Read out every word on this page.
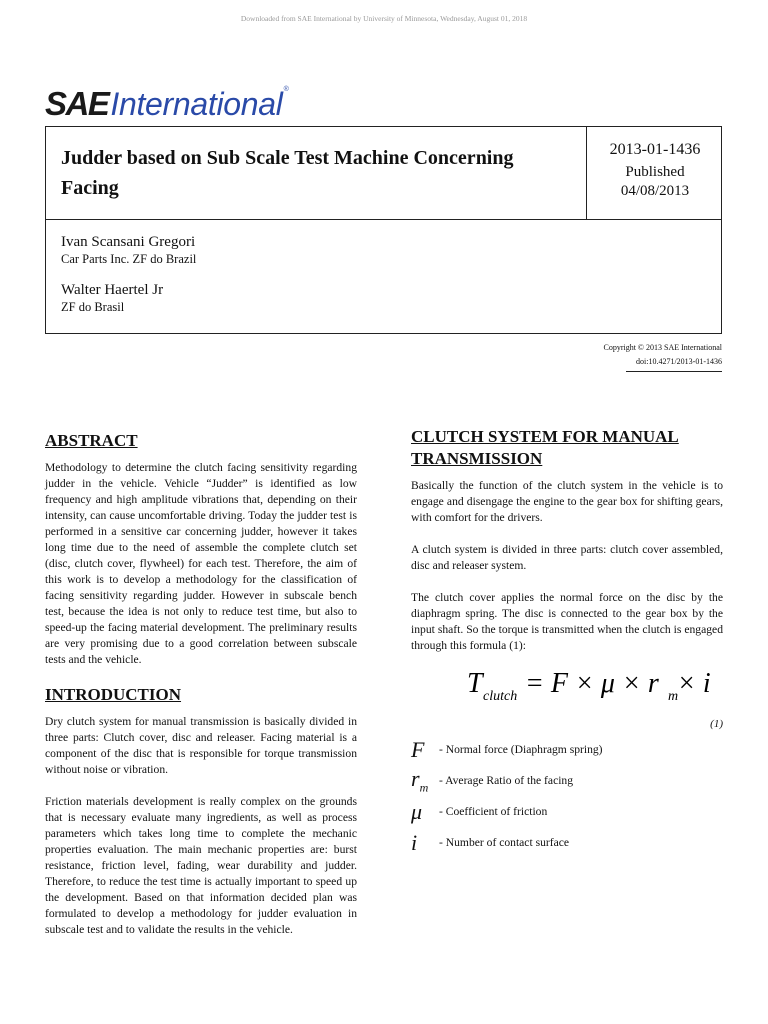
Downloaded from SAE International by University of Minnesota, Wednesday, August 01, 2018
SAE International ®
Judder based on Sub Scale Test Machine Concerning Facing
2013-01-1436
Published
04/08/2013
Ivan Scansani Gregori
Car Parts Inc. ZF do Brazil
Walter Haertel Jr
ZF do Brasil
Copyright © 2013 SAE International
doi:10.4271/2013-01-1436
ABSTRACT

Methodology to determine the clutch facing sensitivity regarding judder in the vehicle. Vehicle “Judder” is identified as low frequency and high amplitude vibrations that, depending on their intensity, can cause uncomfortable driving. Today the judder test is performed in a sensitive car concerning judder, however it takes long time due to the need of assemble the complete clutch set (disc, clutch cover, flywheel) for each test. Therefore, the aim of this work is to develop a methodology for the classification of facing sensitivity regarding judder. However in subscale bench test, because the idea is not only to reduce test time, but also to speed-up the facing material development. The preliminary results are very promising due to a good correlation between subscale tests and the vehicle.

INTRODUCTION

Dry clutch system for manual transmission is basically divided in three parts: Clutch cover, disc and releaser. Facing material is a component of the disc that is responsible for torque transmission without noise or vibration.

Friction materials development is really complex on the grounds that is necessary evaluate many ingredients, as well as process parameters which takes long time to complete the mechanic properties evaluation. The main mechanic properties are: burst resistance, friction level, fading, wear durability and judder. Therefore, to reduce the test time is actually important to speed up the development. Based on that information decided plan was formulated to develop a methodology for judder evaluation in subscale test and to validate the results in the vehicle.

CLUTCH SYSTEM FOR MANUAL TRANSMISSION

Basically the function of the clutch system in the vehicle is to engage and disengage the engine to the gear box for shifting gears, with comfort for the drivers.

A clutch system is divided in three parts: clutch cover assembled, disc and releaser system.

The clutch cover applies the normal force on the disc by the diaphragm spring. The disc is connected to the gear box by the input shaft. So the torque is transmitted when the clutch is engaged through this formula (1):

T clutch = F × μ × r m
× i
(1)
F	- Normal force (Diaphragm spring)
$r_m$
- Average Ratio of the facing
μ	- Coefficient of friction
i	- Number of contact surface
